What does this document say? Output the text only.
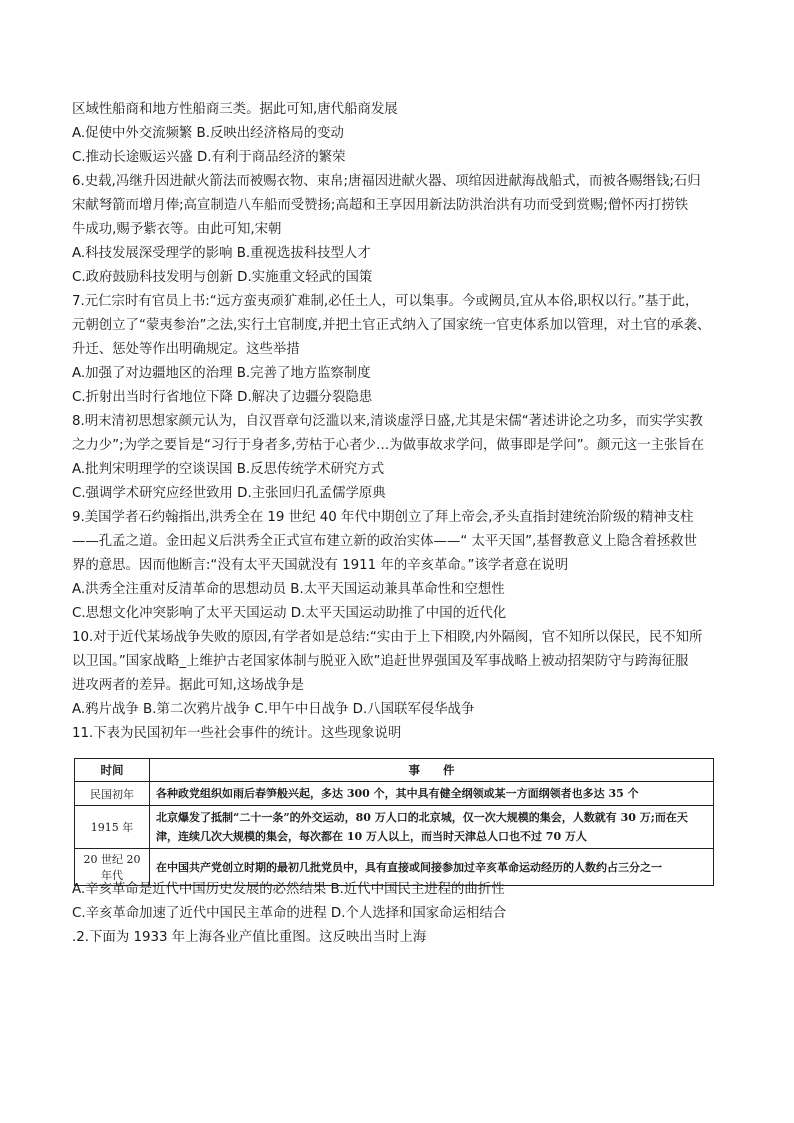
区域性船商和地方性船商三类。据此可知,唐代船商发展
A.促使中外交流频繁 B.反映出经济格局的变动
C.推动长途贩运兴盛 D.有利于商品经济的繁荣
6.史载,冯继升因进献火箭法而被赐衣物、束帛;唐福因进献火器、项绾因进献海战船式，而被各赐缗钱;石归
宋献弩箭而增月俸;高宣制造八车船而受赞扬;高超和王享因用新法防洪治洪有功而受到赏赐;僧怀丙打捞铁
牛成功,赐予紫衣等。由此可知,宋朝
A.科技发展深受理学的影响 B.重视选拔科技型人才
C.政府鼓励科技发明与创新 D.实施重文轻武的国策
7.元仁宗时有官员上书:“远方蛮夷顽犷难制,必任土人，可以集事。今或阙员,宜从本俗,职权以行。”基于此，
元朝创立了“蒙夷参治”之法,实行土官制度,并把土官正式纳入了国家统一官吏体系加以管理，对土官的承袭、
升迁、惩处等作出明确规定。这些举措
A.加强了对边疆地区的治理 B.完善了地方监察制度
C.折射出当时行省地位下降 D.解决了边疆分裂隐患
8.明末清初思想家颜元认为，自汉晋章句泛滥以来,清谈虚浮日盛,尤其是宋儒“著述讲论之功多，而实学实教
之力少”;为学之要旨是“习行于身者多,劳枯于心者少…为做事故求学问，做事即是学问”。颜元这一主张旨在
A.批判宋明理学的空谈误国 B.反思传统学术研究方式
C.强调学术研究应经世致用 D.主张回归孔孟儒学原典
9.美国学者石约翰指出,洪秀全在 19 世纪 40 年代中期创立了拜上帝会,矛头直指封建统治阶级的精神支柱
——孔孟之道。金田起义后洪秀全正式宣布建立新的政治实体——“ 太平天国”,基督教意义上隐含着拯救世
界的意思。因而他断言:“没有太平天国就没有 1911 年的辛亥革命。”该学者意在说明
A.洪秀全注重对反清革命的思想动员 B.太平天国运动兼具革命性和空想性
C.思想文化冲突影响了太平天国运动 D.太平天国运动助推了中国的近代化
10.对于近代某场战争失败的原因,有学者如是总结:“实由于上下相睽,内外隔阂，官不知所以保民，民不知所
以卫国。”国家战略_上维护古老国家体制与脱亚入欧”追赶世界强国及军事战略上被动招架防守与跨海征服
进攻两者的差异。据此可知,这场战争是
A.鸦片战争 B.第二次鸦片战争 C.甲午中日战争 D.八国联军侵华战争
11.下表为民国初年一些社会事件的统计。这些现象说明
时间	事　　件
民国初年	各种政党组织如雨后春笋般兴起，多达 300 个，其中具有健全纲领或某一方面纲领者也多达 35 个
1915 年	北京爆发了抵制“二十一条”的外交运动，80 万人口的北京城，仅一次大规模的集会，人数就有 30 万;而在天津，连续几次大规模的集会，每次都在 10 万人以上，而当时天津总人口也不过 70 万人
20 世纪 20 年代	在中国共产党创立时期的最初几批党员中，具有直接或间接参加过辛亥革命运动经历的人数约占三分之一
A.辛亥革命是近代中国历史发展的必然结果 B.近代中国民主进程的曲折性
C.辛亥革命加速了近代中国民主革命的进程 D.个人选择和国家命运相结合
.2.下面为 1933 年上海各业产值比重图。这反映出当时上海
